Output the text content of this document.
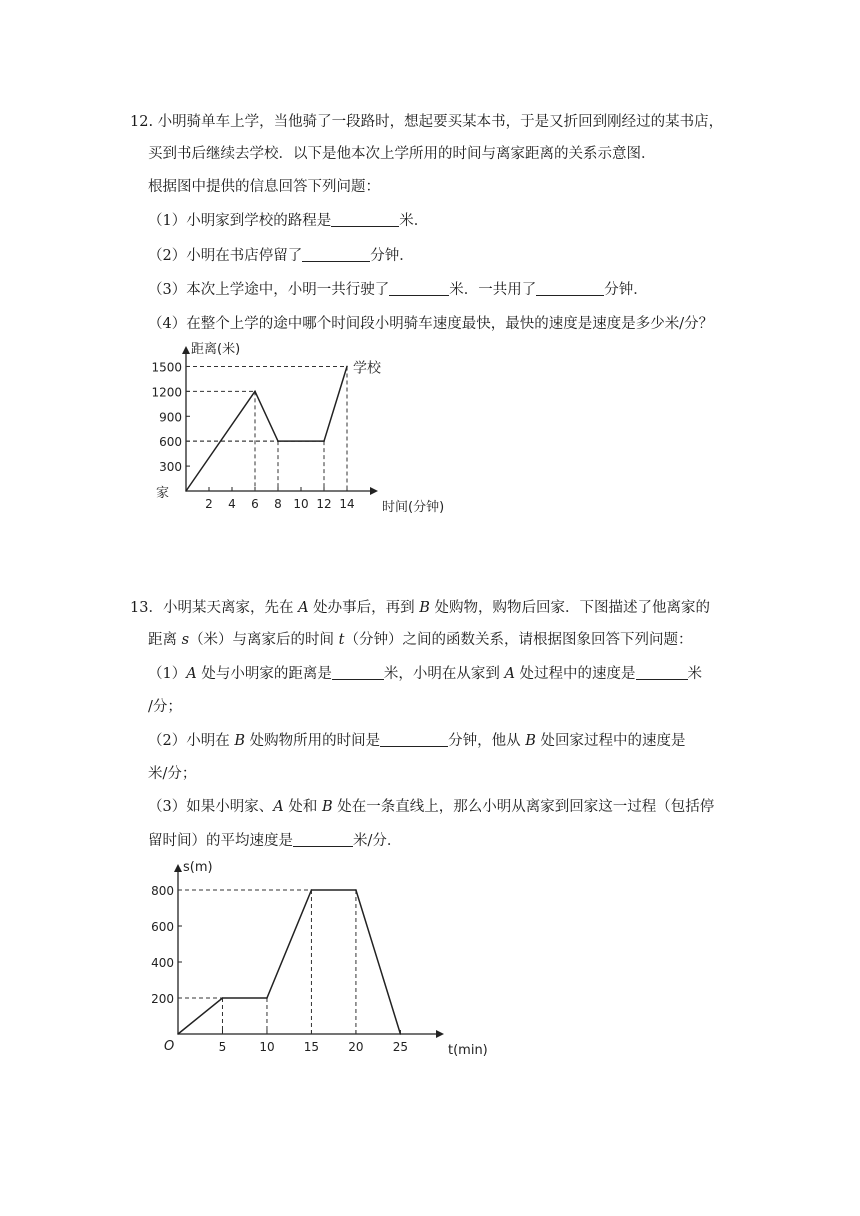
12. 小明骑单车上学，当他骑了一段路时，想起要买某本书，于是又折回到刚经过的某书店，
买到书后继续去学校．以下是他本次上学所用的时间与离家距离的关系示意图．
根据图中提供的信息回答下列问题：
（1）小明家到学校的路程是	米．
（2）小明在书店停留了	分钟．
（3）本次上学途中，小明一共行驶了	米．一共用了	分钟．
（4）在整个上学的途中哪个时间段小明骑车速度最快，最快的速度是速度是多少米/分？
距离(米)
时间(分钟)
家
2 4 6 8 10 12 14
300
600
900
1200
1500	学校
13．小明某天离家，先在 A 处办事后，再到 B 处购物，购物后回家．下图描述了他离家的
距离 s（米）与离家后的时间 t（分钟）之间的函数关系，请根据图象回答下列问题：
（1）A 处与小明家的距离是	米，小明在从家到 A 处过程中的速度是	米
/分；
（2）小明在 B 处购物所用的时间是	分钟，他从 B 处回家过程中的速度是
米/分；
（3）如果小明家、A 处和 B 处在一条直线上，那么小明从离家到回家这一过程（包括停
留时间）的平均速度是	米/分．
s(m)
t(min)
O	5	10 15 20 25
200
400
600
800
